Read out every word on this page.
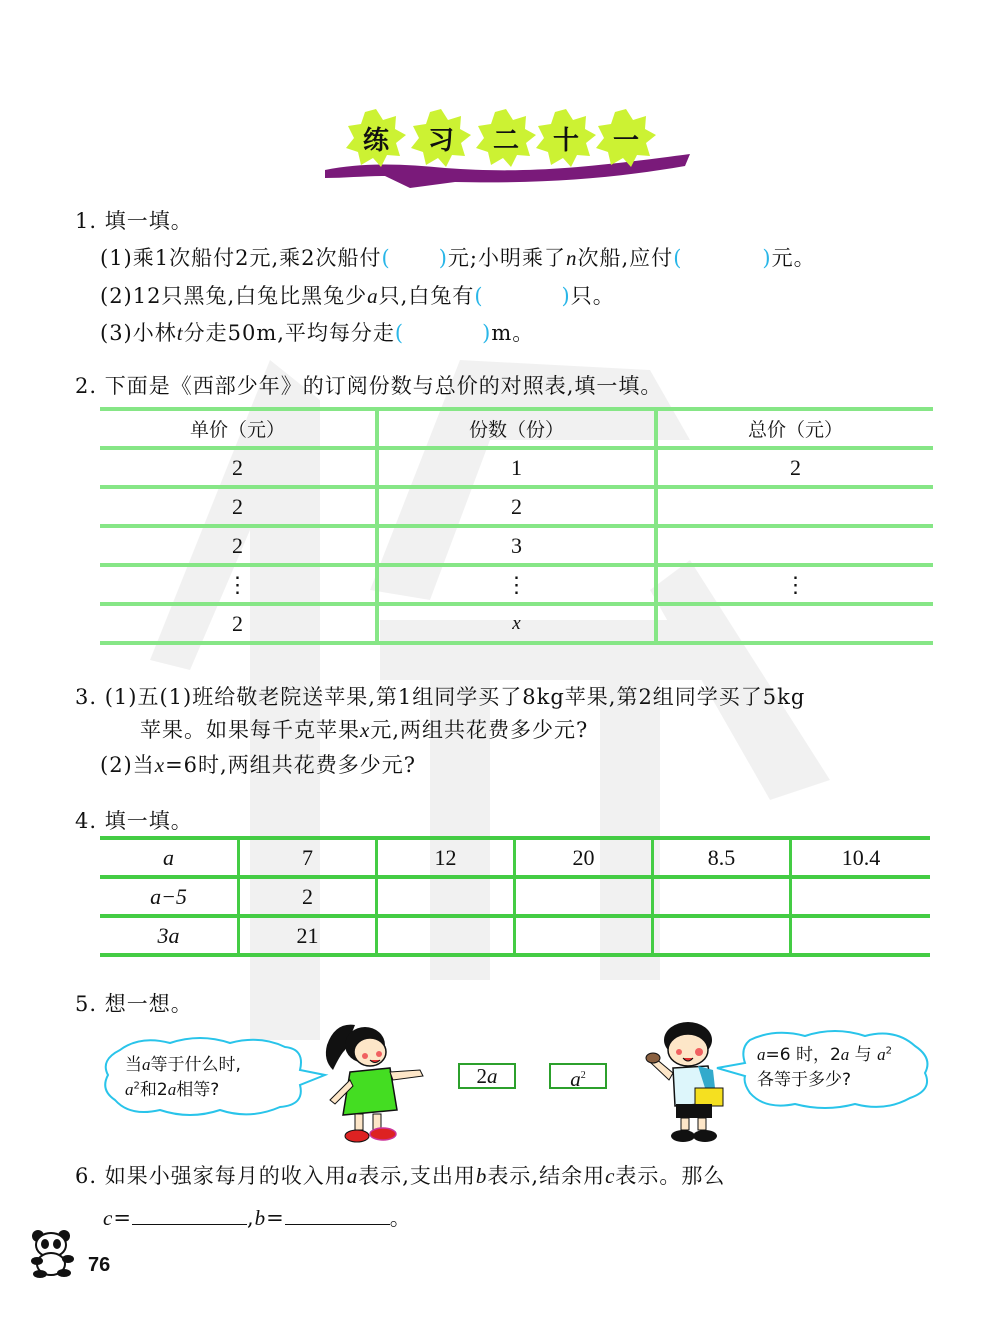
练	习	二	十	一
1. 填一填。
(1)乘1次船付2元,乘2次船付( )元;小明乘了n次船,应付(	)元。
(2)12只黑兔,白兔比黑兔少a只,白兔有(	)只。
(3)小林t分走50m,平均每分走(	)m。
2. 下面是《西部少年》的订阅份数与总价的对照表,填一填。
单价（元）	份数（份）	总价（元）
2	1	2
2	2	
2	3	
⋮	⋮	⋮
2	x	
3. (1)五(1)班给敬老院送苹果,第1组同学买了8kg苹果,第2组同学买了5kg
苹果。如果每千克苹果x元,两组共花费多少元?
(2)当x=6时,两组共花费多少元?
4. 填一填。
a	7	12	20	8.5	10.4
a−5	2				
3a	21				
5. 想一想。
当a等于什么时,
$a^2$和2a相等?
2a	$a^2$
a=6 时，2a 与 $a^2$
各等于多少?
6. 如果小强家每月的收入用a表示,支出用b表示,结余用c表示。那么
c=	,b=	。
76
